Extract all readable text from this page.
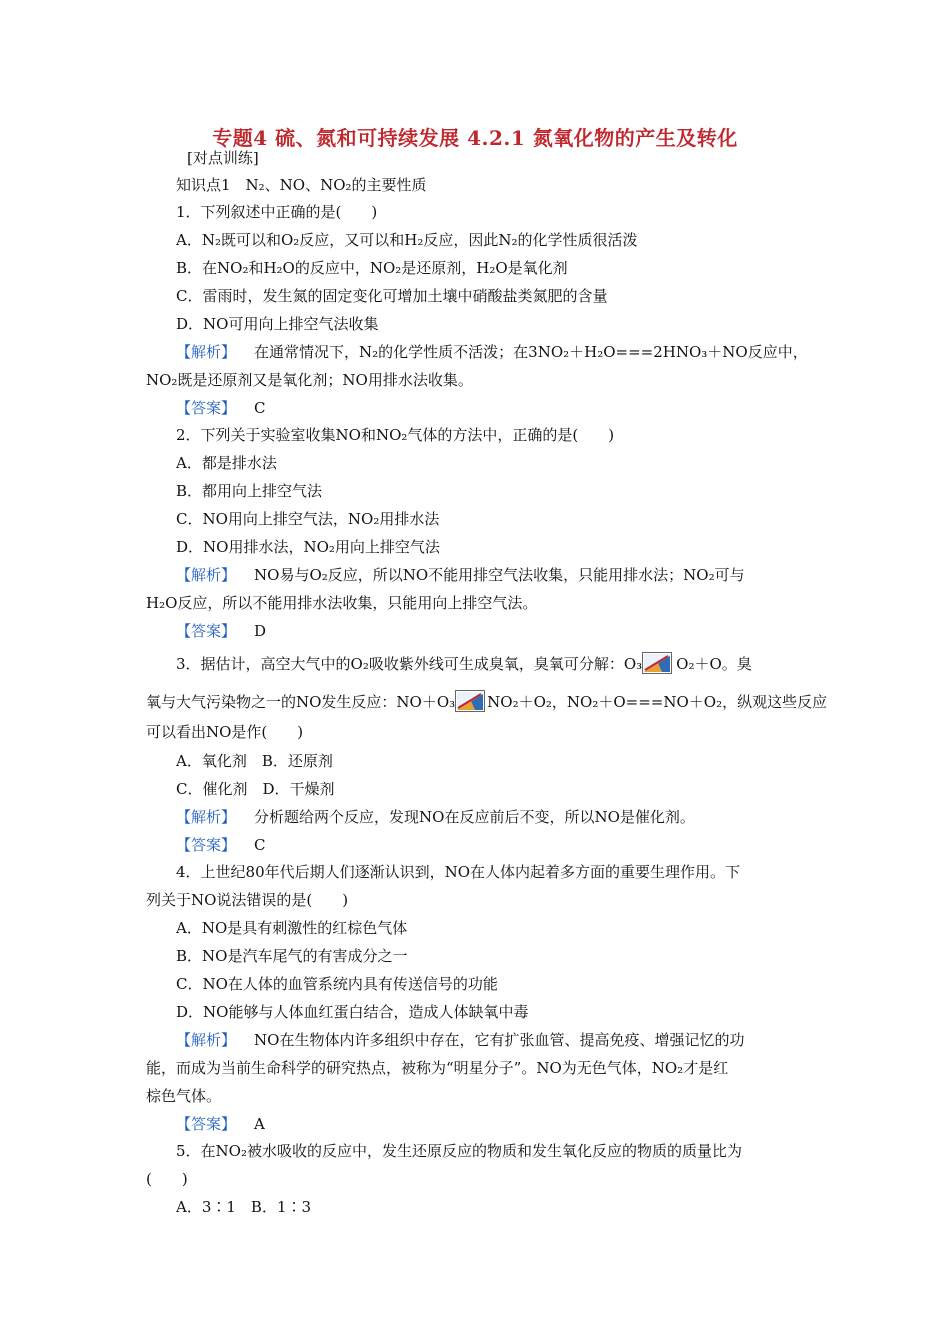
专题4 硫、氮和可持续发展 4.2.1 氮氧化物的产生及转化
[对点训练]
知识点1　N₂、NO、NO₂的主要性质
1．下列叙述中正确的是(　　)
A．N₂既可以和O₂反应，又可以和H₂反应，因此N₂的化学性质很活泼
B．在NO₂和H₂O的反应中，NO₂是还原剂，H₂O是氧化剂
C．雷雨时，发生氮的固定变化可增加土壤中硝酸盐类氮肥的含量
D．NO可用向上排空气法收集
【解析】 在通常情况下，N₂的化学性质不活泼；在3NO₂＋H₂O===2HNO₃＋NO反应中，
NO₂既是还原剂又是氧化剂；NO用排水法收集。
【答案】 C
2．下列关于实验室收集NO和NO₂气体的方法中，正确的是(　　)
A．都是排水法
B．都用向上排空气法
C．NO用向上排空气法，NO₂用排水法
D．NO用排水法，NO₂用向上排空气法
【解析】 NO易与O₂反应，所以NO不能用排空气法收集，只能用排水法；NO₂可与
H₂O反应，所以不能用排水法收集，只能用向上排空气法。
【答案】 D
3．据估计，高空大气中的O₂吸收紫外线可生成臭氧，臭氧可分解：O₃ O₂＋O。臭
氧与大气污染物之一的NO发生反应：NO＋O₃ NO₂＋O₂，NO₂＋O===NO＋O₂，纵观这些反应
可以看出NO是作(　　)
A．氧化剂　B．还原剂
C．催化剂　D．干燥剂
【解析】 分析题给两个反应，发现NO在反应前后不变，所以NO是催化剂。
【答案】 C
4．上世纪80年代后期人们逐渐认识到，NO在人体内起着多方面的重要生理作用。下
列关于NO说法错误的是(　　)
A．NO是具有刺激性的红棕色气体
B．NO是汽车尾气的有害成分之一
C．NO在人体的血管系统内具有传送信号的功能
D．NO能够与人体血红蛋白结合，造成人体缺氧中毒
【解析】 NO在生物体内许多组织中存在，它有扩张血管、提高免疫、增强记忆的功
能，而成为当前生命科学的研究热点，被称为“明星分子”。NO为无色气体，NO₂才是红
棕色气体。
【答案】 A
5．在NO₂被水吸收的反应中，发生还原反应的物质和发生氧化反应的物质的质量比为
(　　)
A．3∶1　B．1∶3
